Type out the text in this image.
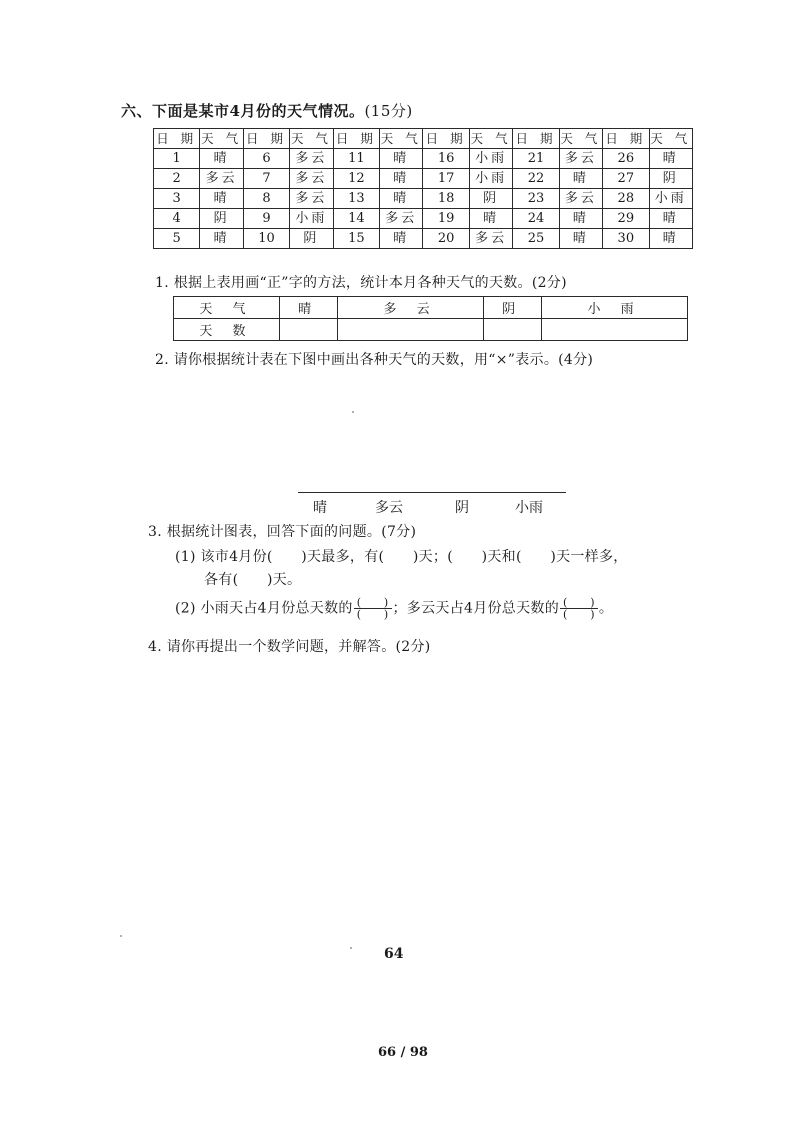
六、下面是某市4月份的天气情况。(15分)
日 期	天 气	日 期	天 气	日 期	天 气	日 期	天 气	日 期	天 气	日 期	天 气
1	晴	6	多云	11	晴	16	小雨	21	多云	26	晴
2	多云	7	多云	12	晴	17	小雨	22	晴	27	阴
3	晴	8	多云	13	晴	18	阴	23	多云	28	小雨
4	阴	9	小雨	14	多云	19	晴	24	晴	29	晴
5	晴	10	阴	15	晴	20	多云	25	晴	30	晴
1. 根据上表用画“正”字的方法，统计本月各种天气的天数。(2分)
天 气	晴	多 云	阴	小 雨
天 数				
2. 请你根据统计表在下图中画出各种天气的天数，用“×”表示。(4分)
晴	多云	阴	小雨
3. 根据统计图表，回答下面的问题。(7分)
(1) 该市4月份(　　)天最多，有(　　)天；(　　)天和(　　)天一样多，
各有(　　)天。
(2) 小雨天占4月份总天数的 $\frac{( )}{( )}$ ；多云天占4月份总天数的 $\frac{( )}{( )}$ 。
4. 请你再提出一个数学问题，并解答。(2分)
64
66 / 98
